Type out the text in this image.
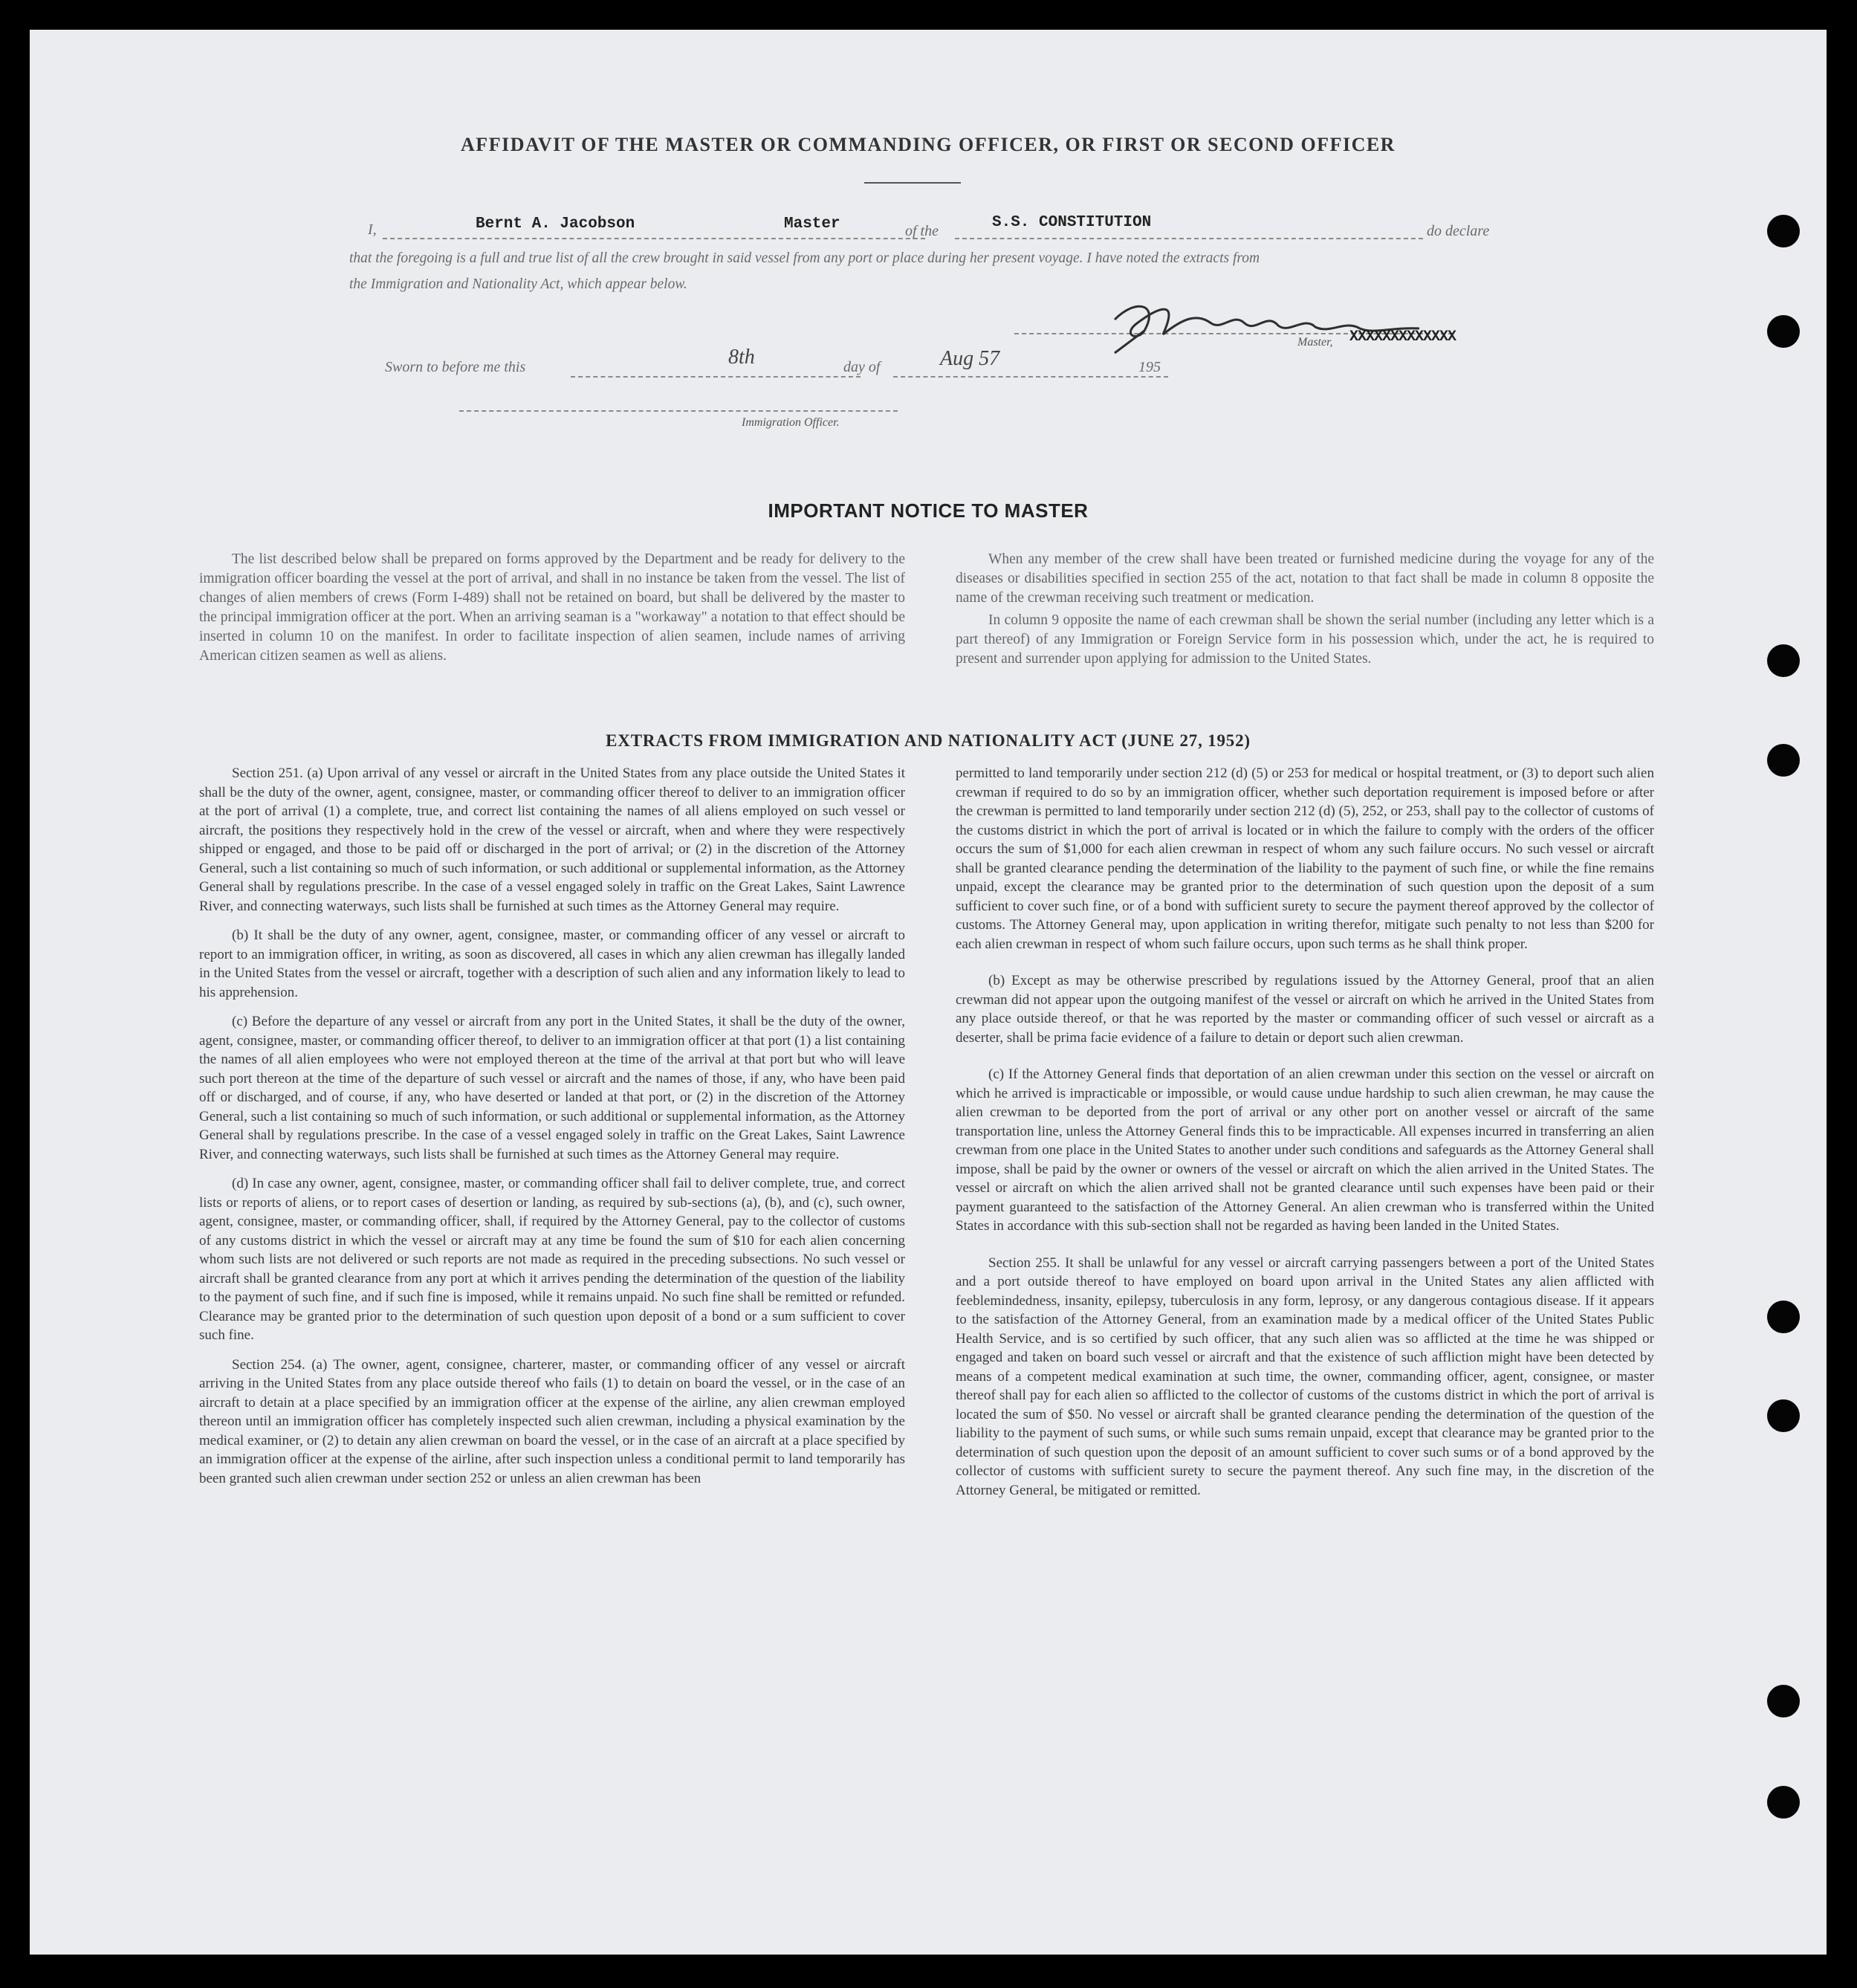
AFFIDAVIT OF THE MASTER OR COMMANDING OFFICER, OR FIRST OR SECOND OFFICER
I,	Bernt A. Jacobson	Master	of the	S.S. CONSTITUTION	do declare
that the foregoing is a full and true list of all the crew brought in said vessel from any port or place during her present voyage. I have noted the extracts from
the Immigration and Nationality Act, which appear below.
Master, XXXXXXXXXXXXX
Sworn to before me this	8th	day of	Aug 57	195
Immigration Officer.
IMPORTANT NOTICE TO MASTER

The list described below shall be prepared on forms approved by the Department and be ready for delivery to the immigration officer boarding the vessel at the port of arrival, and shall in no instance be taken from the vessel. The list of changes of alien members of crews (Form I-489) shall not be retained on board, but shall be delivered by the master to the principal immigration officer at the port. When an arriving seaman is a "workaway" a notation to that effect should be inserted in column 10 on the manifest. In order to facilitate inspection of alien seamen, include names of arriving American citizen seamen as well as aliens.

When any member of the crew shall have been treated or furnished medicine during the voyage for any of the diseases or disabilities specified in section 255 of the act, notation to that fact shall be made in column 8 opposite the name of the crewman receiving such treatment or medication.

In column 9 opposite the name of each crewman shall be shown the serial number (including any letter which is a part thereof) of any Immigration or Foreign Service form in his possession which, under the act, he is required to present and surrender upon applying for admission to the United States.

EXTRACTS FROM IMMIGRATION AND NATIONALITY ACT (JUNE 27, 1952)

Section 251. (a) Upon arrival of any vessel or aircraft in the United States from any place outside the United States it shall be the duty of the owner, agent, consignee, master, or commanding officer thereof to deliver to an immigration officer at the port of arrival (1) a complete, true, and correct list containing the names of all aliens employed on such vessel or aircraft, the positions they respectively hold in the crew of the vessel or aircraft, when and where they were respectively shipped or engaged, and those to be paid off or discharged in the port of arrival; or (2) in the discretion of the Attorney General, such a list containing so much of such information, or such additional or supplemental information, as the Attorney General shall by regulations prescribe. In the case of a vessel engaged solely in traffic on the Great Lakes, Saint Lawrence River, and connecting waterways, such lists shall be furnished at such times as the Attorney General may require.

(b) It shall be the duty of any owner, agent, consignee, master, or commanding officer of any vessel or aircraft to report to an immigration officer, in writing, as soon as discovered, all cases in which any alien crewman has illegally landed in the United States from the vessel or aircraft, together with a description of such alien and any information likely to lead to his apprehension.

(c) Before the departure of any vessel or aircraft from any port in the United States, it shall be the duty of the owner, agent, consignee, master, or commanding officer thereof, to deliver to an immigration officer at that port (1) a list containing the names of all alien employees who were not employed thereon at the time of the arrival at that port but who will leave such port thereon at the time of the departure of such vessel or aircraft and the names of those, if any, who have been paid off or discharged, and of course, if any, who have deserted or landed at that port, or (2) in the discretion of the Attorney General, such a list containing so much of such information, or such additional or supplemental information, as the Attorney General shall by regulations prescribe. In the case of a vessel engaged solely in traffic on the Great Lakes, Saint Lawrence River, and connecting waterways, such lists shall be furnished at such times as the Attorney General may require.

(d) In case any owner, agent, consignee, master, or commanding officer shall fail to deliver complete, true, and correct lists or reports of aliens, or to report cases of desertion or landing, as required by sub-sections (a), (b), and (c), such owner, agent, consignee, master, or commanding officer, shall, if required by the Attorney General, pay to the collector of customs of any customs district in which the vessel or aircraft may at any time be found the sum of $10 for each alien concerning whom such lists are not delivered or such reports are not made as required in the preceding subsections. No such vessel or aircraft shall be granted clearance from any port at which it arrives pending the determination of the question of the liability to the payment of such fine, and if such fine is imposed, while it remains unpaid. No such fine shall be remitted or refunded. Clearance may be granted prior to the determination of such question upon deposit of a bond or a sum sufficient to cover such fine.

Section 254. (a) The owner, agent, consignee, charterer, master, or commanding officer of any vessel or aircraft arriving in the United States from any place outside thereof who fails (1) to detain on board the vessel, or in the case of an aircraft to detain at a place specified by an immigration officer at the expense of the airline, any alien crewman employed thereon until an immigration officer has completely inspected such alien crewman, including a physical examination by the medical examiner, or (2) to detain any alien crewman on board the vessel, or in the case of an aircraft at a place specified by an immigration officer at the expense of the airline, after such inspection unless a conditional permit to land temporarily has been granted such alien crewman under section 252 or unless an alien crewman has been

permitted to land temporarily under section 212 (d) (5) or 253 for medical or hospital treatment, or (3) to deport such alien crewman if required to do so by an immigration officer, whether such deportation requirement is imposed before or after the crewman is permitted to land temporarily under section 212 (d) (5), 252, or 253, shall pay to the collector of customs of the customs district in which the port of arrival is located or in which the failure to comply with the orders of the officer occurs the sum of $1,000 for each alien crewman in respect of whom any such failure occurs. No such vessel or aircraft shall be granted clearance pending the determination of the liability to the payment of such fine, or while the fine remains unpaid, except the clearance may be granted prior to the determination of such question upon the deposit of a sum sufficient to cover such fine, or of a bond with sufficient surety to secure the payment thereof approved by the collector of customs. The Attorney General may, upon application in writing therefor, mitigate such penalty to not less than $200 for each alien crewman in respect of whom such failure occurs, upon such terms as he shall think proper.

(b) Except as may be otherwise prescribed by regulations issued by the Attorney General, proof that an alien crewman did not appear upon the outgoing manifest of the vessel or aircraft on which he arrived in the United States from any place outside thereof, or that he was reported by the master or commanding officer of such vessel or aircraft as a deserter, shall be prima facie evidence of a failure to detain or deport such alien crewman.

(c) If the Attorney General finds that deportation of an alien crewman under this section on the vessel or aircraft on which he arrived is impracticable or impossible, or would cause undue hardship to such alien crewman, he may cause the alien crewman to be deported from the port of arrival or any other port on another vessel or aircraft of the same transportation line, unless the Attorney General finds this to be impracticable. All expenses incurred in transferring an alien crewman from one place in the United States to another under such conditions and safeguards as the Attorney General shall impose, shall be paid by the owner or owners of the vessel or aircraft on which the alien arrived in the United States. The vessel or aircraft on which the alien arrived shall not be granted clearance until such expenses have been paid or their payment guaranteed to the satisfaction of the Attorney General. An alien crewman who is transferred within the United States in accordance with this sub-section shall not be regarded as having been landed in the United States.

Section 255. It shall be unlawful for any vessel or aircraft carrying passengers between a port of the United States and a port outside thereof to have employed on board upon arrival in the United States any alien afflicted with feeblemindedness, insanity, epilepsy, tuberculosis in any form, leprosy, or any dangerous contagious disease. If it appears to the satisfaction of the Attorney General, from an examination made by a medical officer of the United States Public Health Service, and is so certified by such officer, that any such alien was so afflicted at the time he was shipped or engaged and taken on board such vessel or aircraft and that the existence of such affliction might have been detected by means of a competent medical examination at such time, the owner, commanding officer, agent, consignee, or master thereof shall pay for each alien so afflicted to the collector of customs of the customs district in which the port of arrival is located the sum of $50. No vessel or aircraft shall be granted clearance pending the determination of the question of the liability to the payment of such sums, or while such sums remain unpaid, except that clearance may be granted prior to the determination of such question upon the deposit of an amount sufficient to cover such sums or of a bond approved by the collector of customs with sufficient surety to secure the payment thereof. Any such fine may, in the discretion of the Attorney General, be mitigated or remitted.
